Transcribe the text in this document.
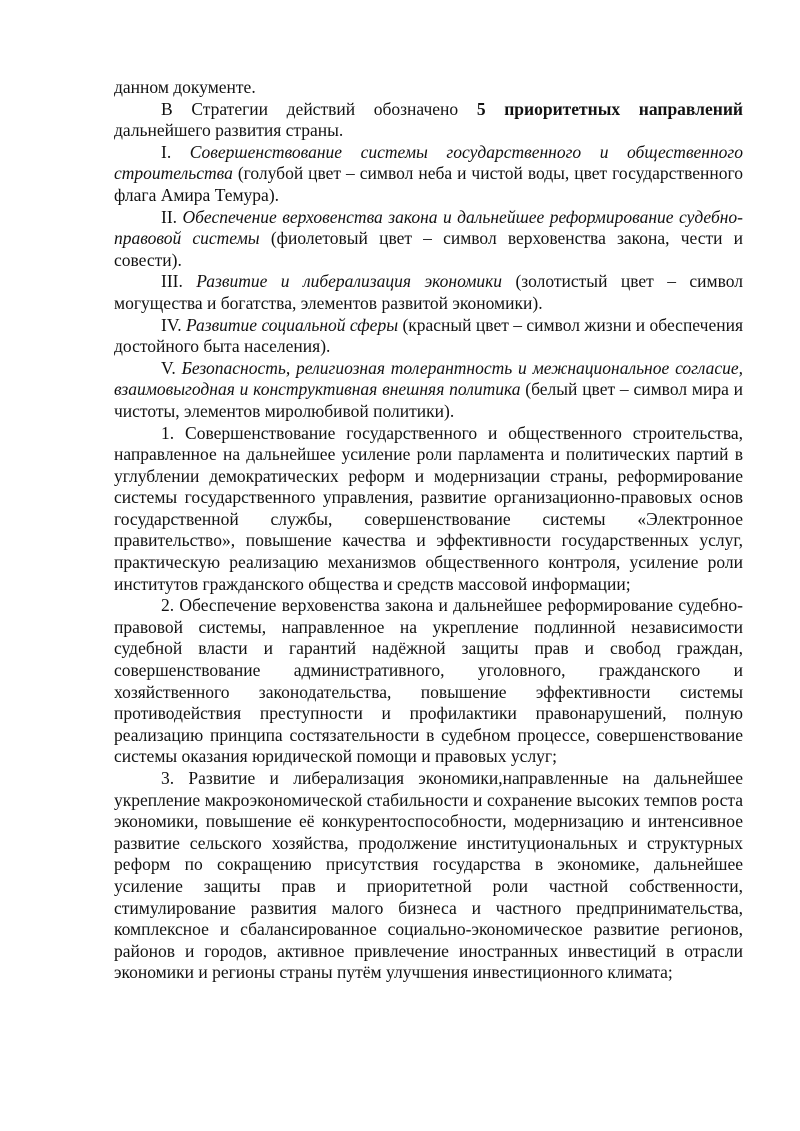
данном документе.

В Стратегии действий обозначено 5 приоритетных направлений дальнейшего развития страны.

I. Совершенствование системы государственного и общественного строительства (голубой цвет – символ неба и чистой воды, цвет государственного флага Амира Темура).

II. Обеспечение верховенства закона и дальнейшее реформирование судебно-правовой системы (фиолетовый цвет – символ верховенства закона, чести и совести).

III. Развитие и либерализация экономики (золотистый цвет – символ могущества и богатства, элементов развитой экономики).

IV. Развитие социальной сферы (красный цвет – символ жизни и обеспечения достойного быта населения).

V. Безопасность, религиозная толерантность и межнациональное согласие, взаимовыгодная и конструктивная внешняя политика (белый цвет – символ мира и чистоты, элементов миролюбивой политики).

1. Совершенствование государственного и общественного строительства, направленное на дальнейшее усиление роли парламента и политических партий в углублении демократических реформ и модернизации страны, реформирование системы государственного управления, развитие организационно-правовых основ государственной службы, совершенствование системы «Электронное правительство», повышение качества и эффективности государственных услуг, практическую реализацию механизмов общественного контроля, усиление роли институтов гражданского общества и средств массовой информации;

2. Обеспечение верховенства закона и дальнейшее реформирование судебно-правовой системы, направленное на укрепление подлинной независимости судебной власти и гарантий надёжной защиты прав и свобод граждан, совершенствование административного, уголовного, гражданского и хозяйственного законодательства, повышение эффективности системы противодействия преступности и профилактики правонарушений, полную реализацию принципа состязательности в судебном процессе, совершенствование системы оказания юридической помощи и правовых услуг;

3. Развитие и либерализация экономики,направленные на дальнейшее укрепление макроэкономической стабильности и сохранение высоких темпов роста экономики, повышение её конкурентоспособности, модернизацию и интенсивное развитие сельского хозяйства, продолжение институциональных и структурных реформ по сокращению присутствия государства в экономике, дальнейшее усиление защиты прав и приоритетной роли частной собственности, стимулирование развития малого бизнеса и частного предпринимательства, комплексное и сбалансированное социально-экономическое развитие регионов, районов и городов, активное привлечение иностранных инвестиций в отрасли экономики и регионы страны путём улучшения инвестиционного климата;
